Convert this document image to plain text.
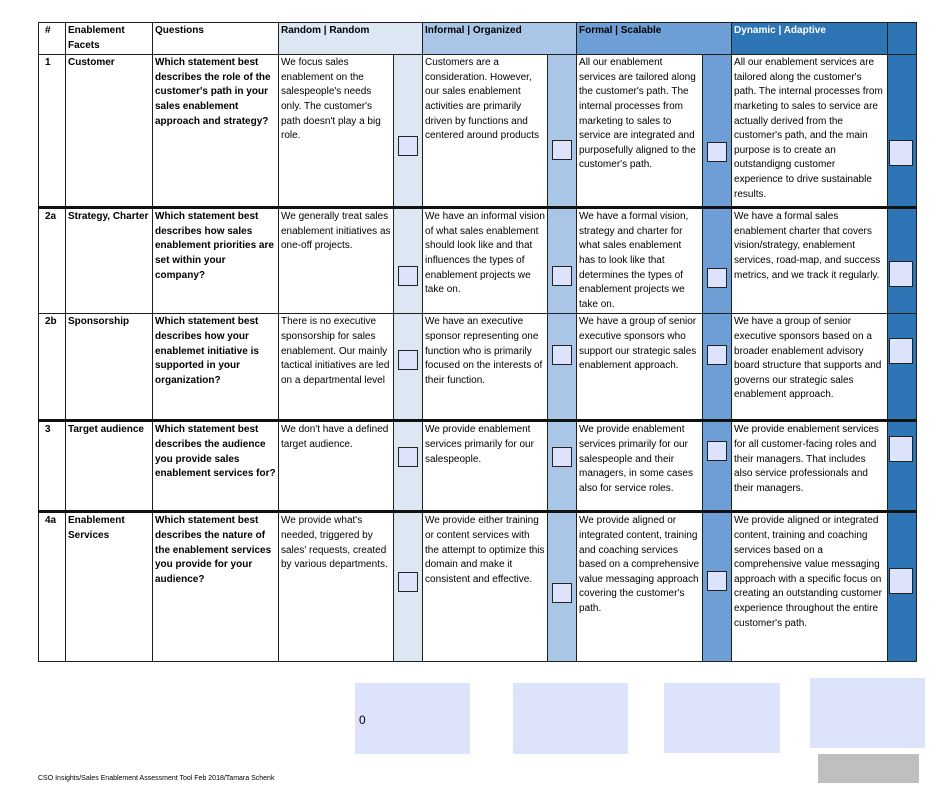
#	Enablement Facets	Questions	Random | Random		Informal | Organized		Formal | Scalable		Dynamic | Adaptive	
1	Customer	Which statement best describes the role of the customer's path in your sales enablement approach and strategy?	We focus sales enablement on the salespeople's needs only. The customer's path doesn't play a big role.		Customers are a consideration. However, our sales enablement activities are primarily driven by functions and centered around products		All our enablement services are tailored along the customer's path. The internal processes from marketing to sales to service are integrated and purposefully aligned to the customer's path.		All our enablement services are tailored along the customer's path. The internal processes from marketing to sales to service are actually derived from the customer's path, and the main purpose is to create an outstandigng customer experience to drive sustainable results.	

2a	Strategy, Charter	Which statement best describes how sales enablement priorities are set within your company?	We generally treat sales enablement initiatives as one-off projects.		We have an informal vision of what sales enablement should look like and that influences the types of enablement projects we take on.		We have a formal vision, strategy and charter for what sales enablement has to look like that determines the types of enablement projects we take on.		We have a formal sales enablement charter that covers vision/strategy, enablement services, road-map, and success metrics, and we track it regularly.	

2b	Sponsorship	Which statement best describes how your enablemet initiative is supported in your organization?	There is no executive sponsorship for sales enablement. Our mainly tactical initiatives are led on a departmental level		We have an executive sponsor representing one function who is primarily focused on the interests of their function.		We have a group of senior executive sponsors who support our strategic sales enablement approach.		We have a group of senior executive sponsors based on a broader enablement advisory board structure that supports and governs our strategic sales enablement approach.	

3	Target audience	Which statement best describes the audience you provide sales enablement services for?	We don't have a defined target audience.		We provide enablement services primarily for our salespeople.		We provide enablement services primarily for our salespeople and their managers, in some cases also for service roles.		We provide enablement services for all customer-facing roles and their managers. That includes also service professionals and their managers.	

4a	Enablement Services	Which statement best describes the nature of the enablement services you provide for your audience?	We provide what's needed, triggered by sales' requests, created by various departments.		We provide either training or content services with the attempt to optimize this domain and make it consistent and effective.		We provide aligned or integrated content, training and coaching services based on a comprehensive value messaging approach covering the customer's path.		We provide aligned or integrated content, training and coaching services based on a comprehensive value messaging approach with a specific focus on creating an outstanding customer experience throughout the entire customer's path.	
0
CSO Insights/Sales Enablement Assessment Tool Feb 2018/Tamara Schenk
